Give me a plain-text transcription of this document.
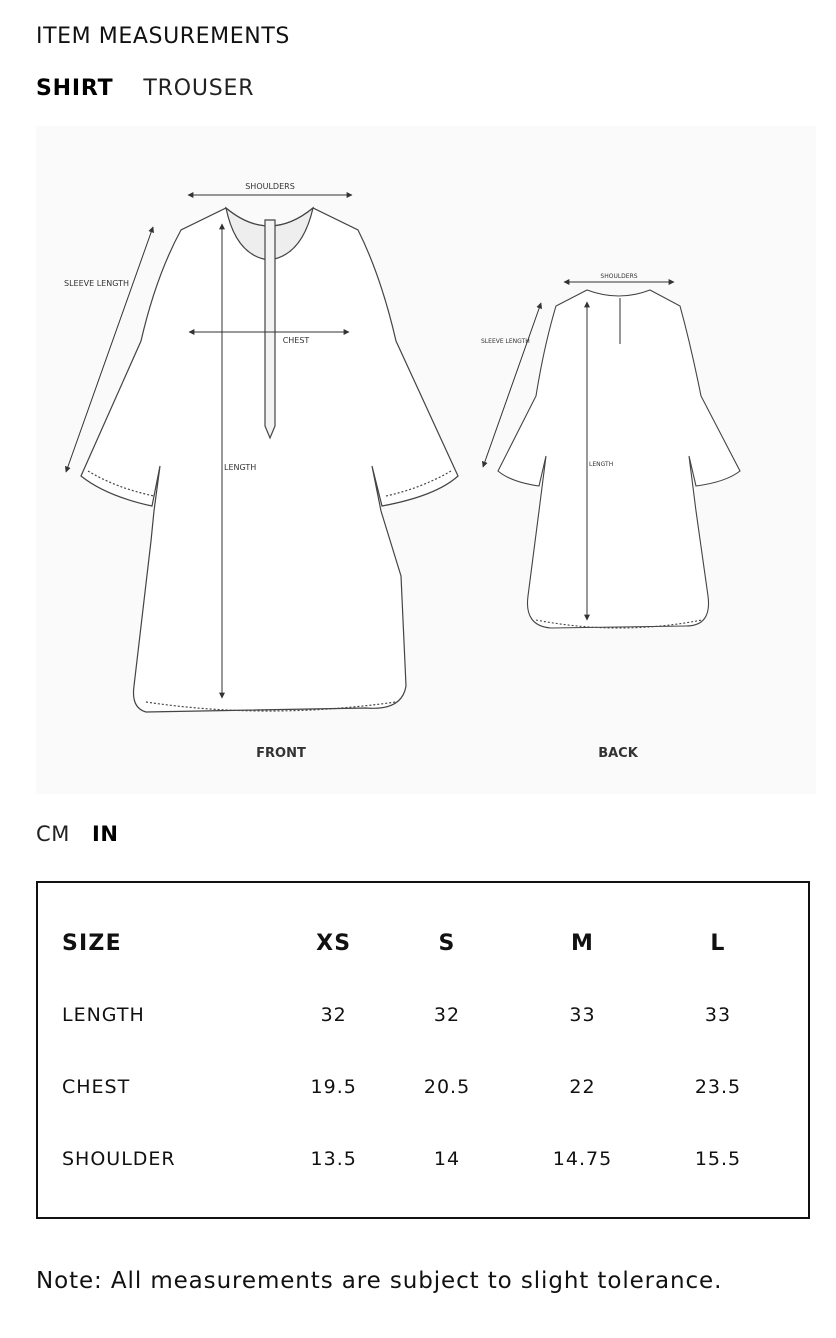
ITEM MEASUREMENTS
SHIRT TROUSER
SHOULDERS
SLEEVE LENGTH
CHEST
LENGTH
FRONT
SHOULDERS
SLEEVE LENGTH
LENGTH
BACK
CM IN
SIZE	XS	S	M	L
LENGTH	32	32	33	33
CHEST	19.5	20.5	22	23.5
SHOULDER	13.5	14	14.75	15.5
Note: All measurements are subject to slight tolerance.
